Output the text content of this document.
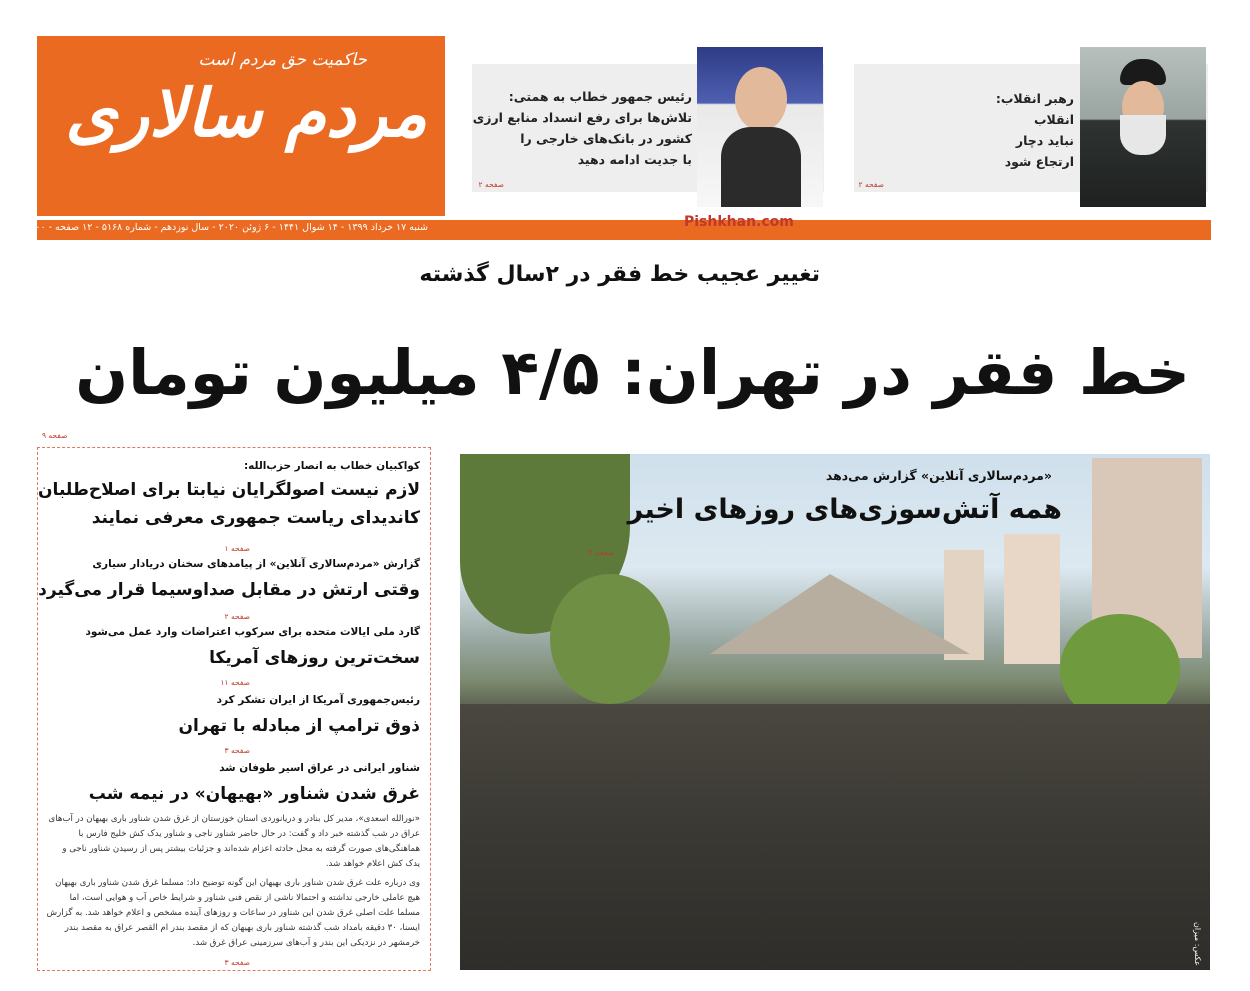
حاکمیت حق مردم است
مردم سالاری
شنبه ۱۷ خرداد ۱۳۹۹ - ۱۴ شوال ۱۴۴۱ - ۶ ژوئن ۲۰۲۰ - سال نوزدهم - شماره ۵۱۶۸ - ۱۲ صفحه - ۴۰۰۰ تومان
رئیس جمهور خطاب به همتی:
تلاش‌ها برای رفع انسداد منابع ارزی
کشور در بانک‌های خارجی را
با جدیت ادامه دهید
صفحه ۲
رهبر انقلاب:
انقلاب
نباید دچار
ارتجاع شود
صفحه ۲
Pishkhan.com
تغییر عجیب خط فقر در ۲سال گذشته
خط فقر در تهران: ۴/۵ میلیون تومان
صفحه ۹
کواکبیان خطاب به انصار حزب‌الله:
لازم نیست اصولگرایان نیابتا برای اصلاح‌طلبان
کاندیدای ریاست جمهوری معرفی نمایند
صفحه ۱
گزارش «مردم‌سالاری آنلاین» از پیامدهای سخنان دریادار سیاری
وقتی ارتش در مقابل صداوسیما قرار می‌گیرد
صفحه ۲
گارد ملی ایالات متحده برای سرکوب اعتراضات وارد عمل می‌شود
سخت‌ترین روزهای آمریکا
صفحه ۱۱
رئیس‌جمهوری آمریکا از ایران تشکر کرد
ذوق ترامپ از مبادله با تهران
صفحه ۳
شناور ایرانی در عراق اسیر طوفان شد
غرق شدن شناور «بهیهان» در نیمه شب
«نورالله اسعدی»، مدیر کل بنادر و دریانوردی استان خوزستان از غرق شدن شناور باری بهیهان در آب‌های عراق در شب گذشته خبر داد و گفت: در حال حاضر شناور ناجی و شناور یدک کش خلیج فارس با هماهنگی‌های صورت گرفته به محل حادثه اعزام شده‌اند و جزئیات بیشتر پس از رسیدن شناور ناجی و یدک کش اعلام خواهد شد.
وی درباره علت غرق شدن شناور باری بهیهان این گونه توضیح داد: مسلما غرق شدن شناور باری بهیهان هیچ عاملی خارجی نداشته و احتمالا ناشی از نقص فنی شناور و شرایط خاص آب و هوایی است، اما مسلما علت اصلی غرق شدن این شناور در ساعات و روزهای آینده مشخص و اعلام خواهد شد. به گزارش ایسنا، ۳۰ دقیقه بامداد شب گذشته شناور باری بهیهان که از مقصد بندر ام القصر عراق به مقصد بندر خرمشهر در نزدیکی این بندر و آب‌های سرزمینی عراق غرق شد.
صفحه ۳
«مردم‌سالاری آنلاین» گزارش می‌دهد
همه آتش‌سوزی‌های روزهای اخیر
صفحه ۴
عکس: میزان
